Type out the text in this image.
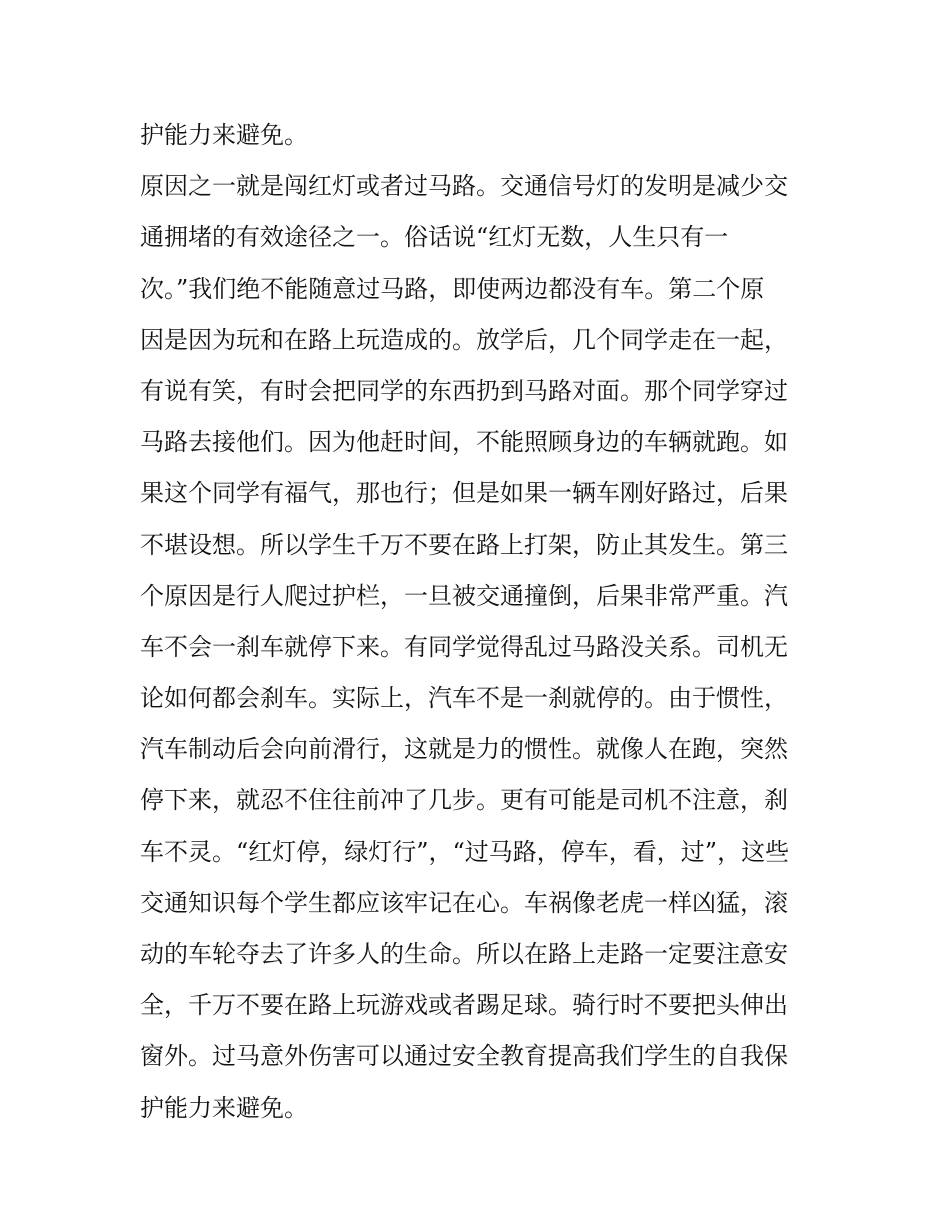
护能力来避免。
原因之一就是闯红灯或者过马路。交通信号灯的发明是减少交
通拥堵的有效途径之一。俗话说“红灯无数，人生只有一
次。”我们绝不能随意过马路，即使两边都没有车。第二个原
因是因为玩和在路上玩造成的。放学后，几个同学走在一起，
有说有笑，有时会把同学的东西扔到马路对面。那个同学穿过
马路去接他们。因为他赶时间，不能照顾身边的车辆就跑。如
果这个同学有福气，那也行；但是如果一辆车刚好路过，后果
不堪设想。所以学生千万不要在路上打架，防止其发生。第三
个原因是行人爬过护栏，一旦被交通撞倒，后果非常严重。汽
车不会一刹车就停下来。有同学觉得乱过马路没关系。司机无
论如何都会刹车。实际上，汽车不是一刹就停的。由于惯性，
汽车制动后会向前滑行，这就是力的惯性。就像人在跑，突然
停下来，就忍不住往前冲了几步。更有可能是司机不注意，刹
车不灵。“红灯停，绿灯行”，“过马路，停车，看，过”，这些
交通知识每个学生都应该牢记在心。车祸像老虎一样凶猛，滚
动的车轮夺去了许多人的生命。所以在路上走路一定要注意安
全，千万不要在路上玩游戏或者踢足球。骑行时不要把头伸出
窗外。过马意外伤害可以通过安全教育提高我们学生的自我保
护能力来避免。
